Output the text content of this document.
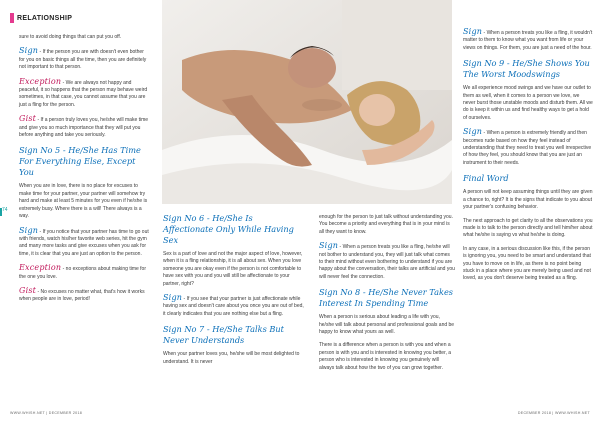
RELATIONSHIP
74

sure to avoid doing things that can put you off.

Sign - If the person you are with doesn't even bother for you on basic things all the time, then you are definitely not important to that person.

Exception - We are always not happy and peaceful, it so happens that the person may behave weird sometimes, in that case, you cannot assume that you are just a fling for the person.

Gist - If a person truly loves you, he/she will make time and give you so much importance that they will put you before anything and take you seriously.

Sign No 5 - He/She Has Time For Everything Else, Except You

When you are in love, there is no place for excuses to make time for your partner, your partner will somehow try hard and make at least 5 minutes for you even if he/she is extremely busy. Where there is a will! There always is a way.

Sign - If you notice that your partner has time to go out with friends, watch his/her favorite web series, hit the gym and many more tasks and give excuses when you ask for time, it is clear that you are just an option to the person.

Exception - no exceptions about making time for the one you love.

Gist - No excuses no matter what, that's how it works when people are in love, period!

Sign No 6 - He/She Is Affectionate Only While Having Sex

Sex is a part of love and not the major aspect of love, however, when it is a fling relationship, it is all about sex. When you love someone you are okay even if the person is not comfortable to have sex with you and you will still be affectionate to your partner, right?

Sign - If you see that your partner is just affectionate while having sex and doesn't care about you once you are out of bed, it clearly indicates that you are nothing else but a fling.

Sign No 7 - He/She Talks But Never Understands

When your partner loves you, he/she will be most delighted to understand. It is never

enough for the person to just talk without understanding you. You become a priority and everything that is in your mind is all they want to know.

Sign - When a person treats you like a fling, he/she will not bother to understand you, they will just talk what comes to their mind without even bothering to understand if you are happy about the conversation, their talks are artificial and you will never feel the connection.

Sign No 8 - He/She Never Takes Interest In Spending Time

When a person is serious about leading a life with you, he/she will talk about personal and professional goals and be happy to know what yours as well.

There is a difference when a person is with you and when a person is with you and is interested in knowing you better, a person who is interested in knowing you genuinely will always talk about how the two of you can grow together.

Sign - When a person treats you like a fling, it wouldn't matter to them to know what you want from life or your views on things. For them, you are just a need of the hour.

Sign No 9 - He/She Shows You The Worst Moodswings

We all experience mood swings and we have our outlet to them as well, when it comes to a person we love, we never burst those unstable moods and disturb them. All we do is keep it within us and find healthy ways to get a hold of ourselves.

Sign - When a person is extremely friendly and then becomes rude based on how they feel instead of understanding that they need to treat you well irrespective of how they feel, you should know that you are just an instrument to their needs.

Final Word

A person will not keep assuming things until they are given a chance to, right? It is the signs that indicate to you about your partner's confusing behavior.

The next approach to get clarity to all the observations you made is to talk to the person directly and tell him/her about what he/she is saying vs what he/she is doing.

In any case, in a serious discussion like this, if the person is ignoring you, you need to be smart and understand that you have to move on in life, as there is no point being stuck in a place where you are merely being used and not loved, as you don't deserve being treated as a fling.

WWW.WHISH.NET | DECEMBER 2018	DECEMBER 2018 | WWW.WHISH.NET
